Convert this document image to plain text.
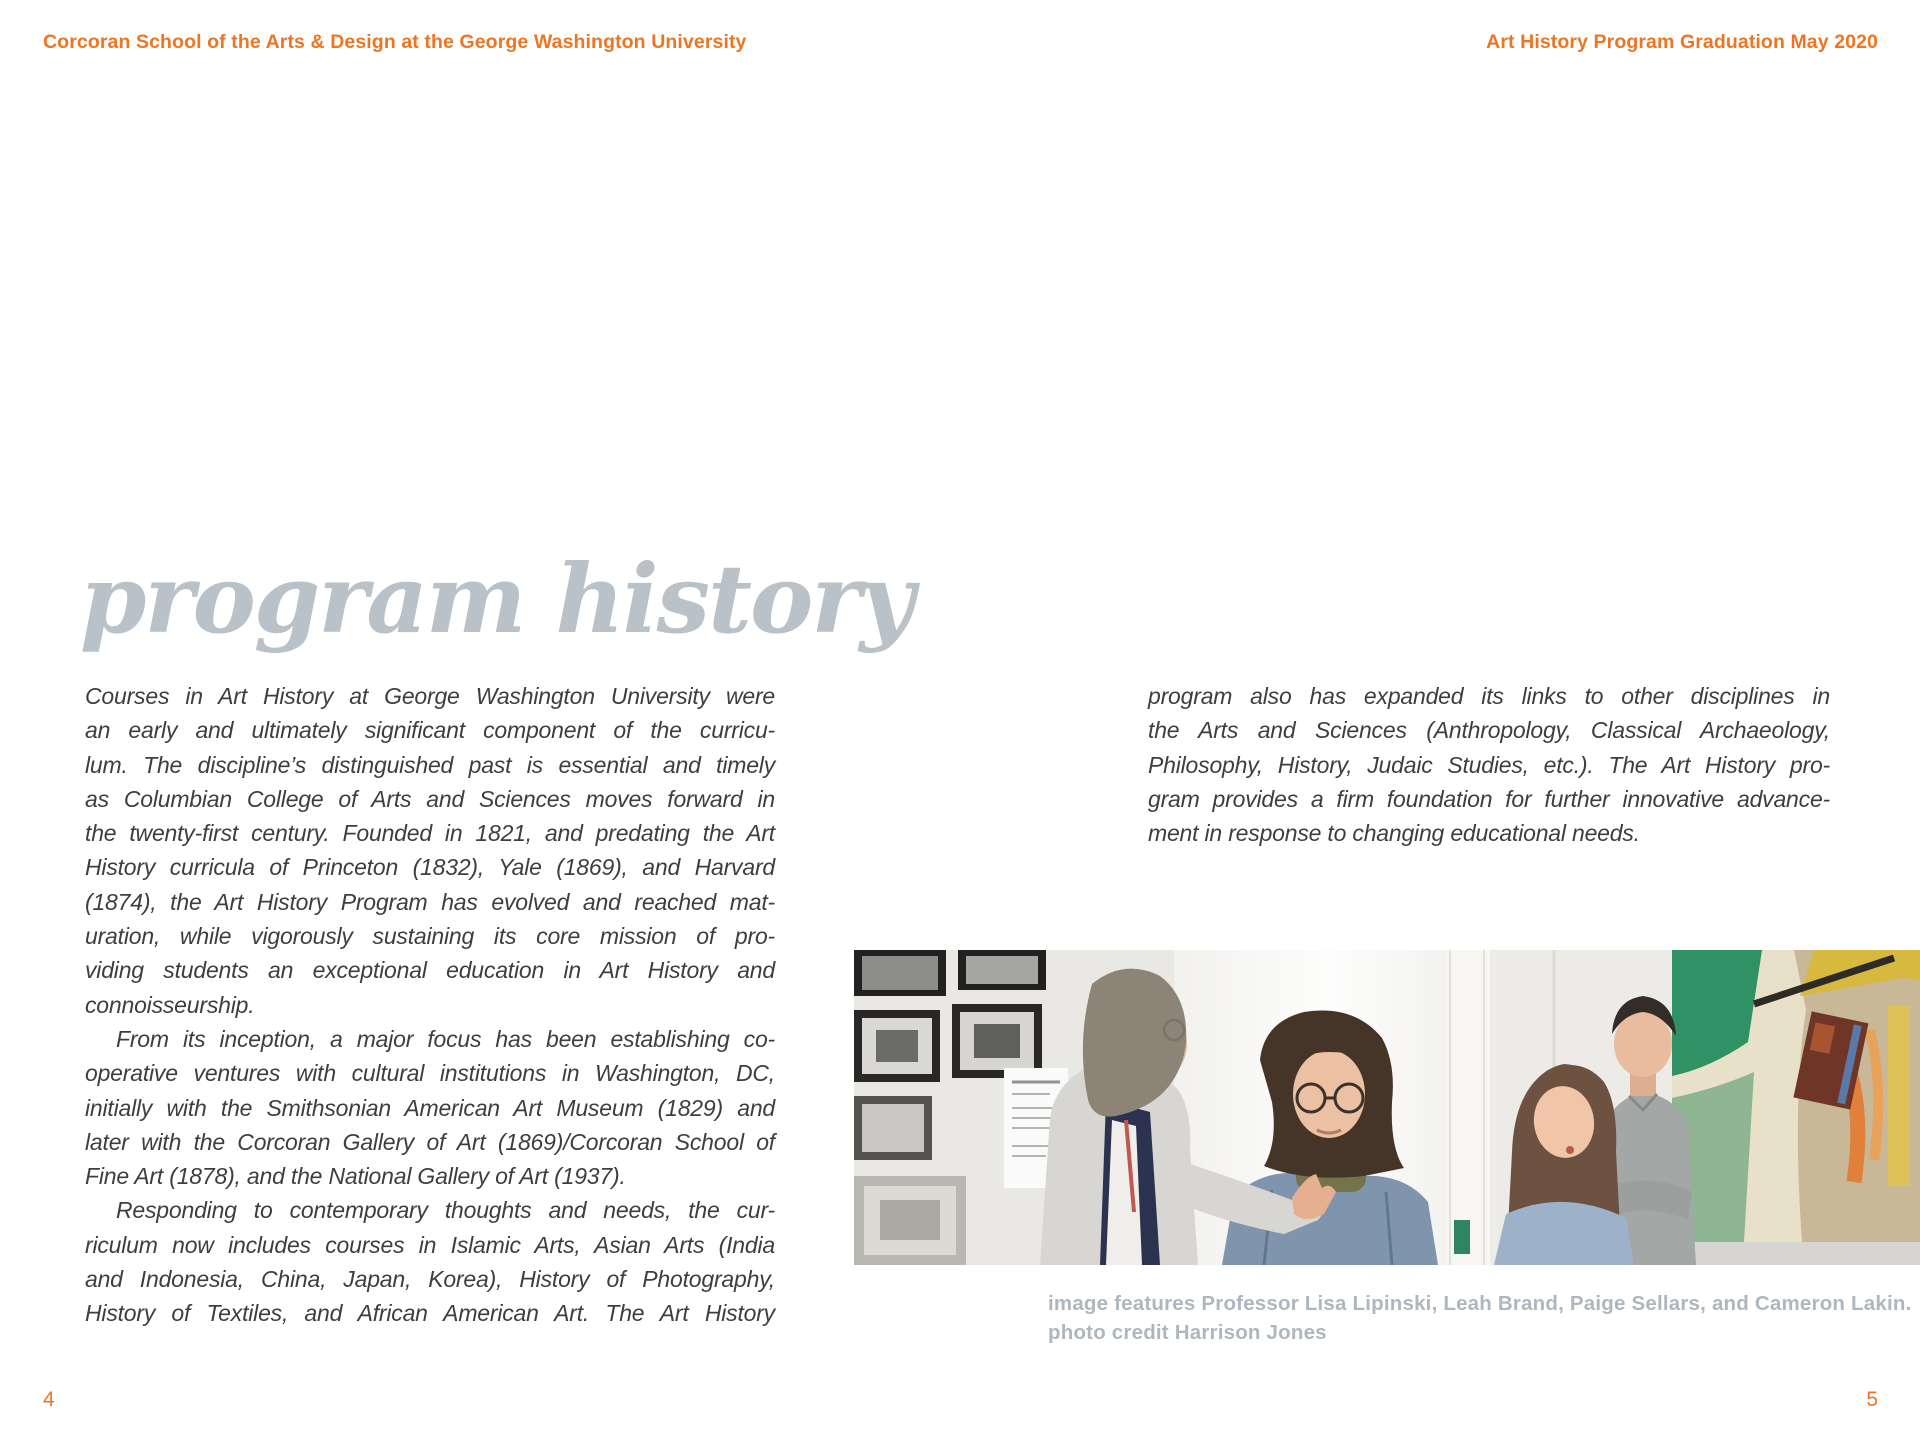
Corcoran School of the Arts & Design at the George Washington University	Art History Program Graduation May 2020
program history
Courses in Art History at George Washington University were
an early and ultimately significant component of the curricu-
lum. The discipline’s distinguished past is essential and timely
as Columbian College of Arts and Sciences moves forward in
the twenty-first century. Founded in 1821, and predating the Art
History curricula of Princeton (1832), Yale (1869), and Harvard
(1874), the Art History Program has evolved and reached mat-
uration, while vigorously sustaining its core mission of pro-
viding students an exceptional education in Art History and
connoisseurship.
From its inception, a major focus has been establishing co-
operative ventures with cultural institutions in Washington, DC,
initially with the Smithsonian American Art Museum (1829) and
later with the Corcoran Gallery of Art (1869)/Corcoran School of
Fine Art (1878), and the National Gallery of Art (1937).
Responding to contemporary thoughts and needs, the cur-
riculum now includes courses in Islamic Arts, Asian Arts (India
and Indonesia, China, Japan, Korea), History of Photography,
History of Textiles, and African American Art. The Art History
program also has expanded its links to other disciplines in
the Arts and Sciences (Anthropology, Classical Archaeology,
Philosophy, History, Judaic Studies, etc.). The Art History pro-
gram provides a firm foundation for further innovative advance-
ment in response to changing educational needs.
image features Professor Lisa Lipinski, Leah Brand, Paige Sellars, and Cameron Lakin.
photo credit Harrison Jones
4	5
